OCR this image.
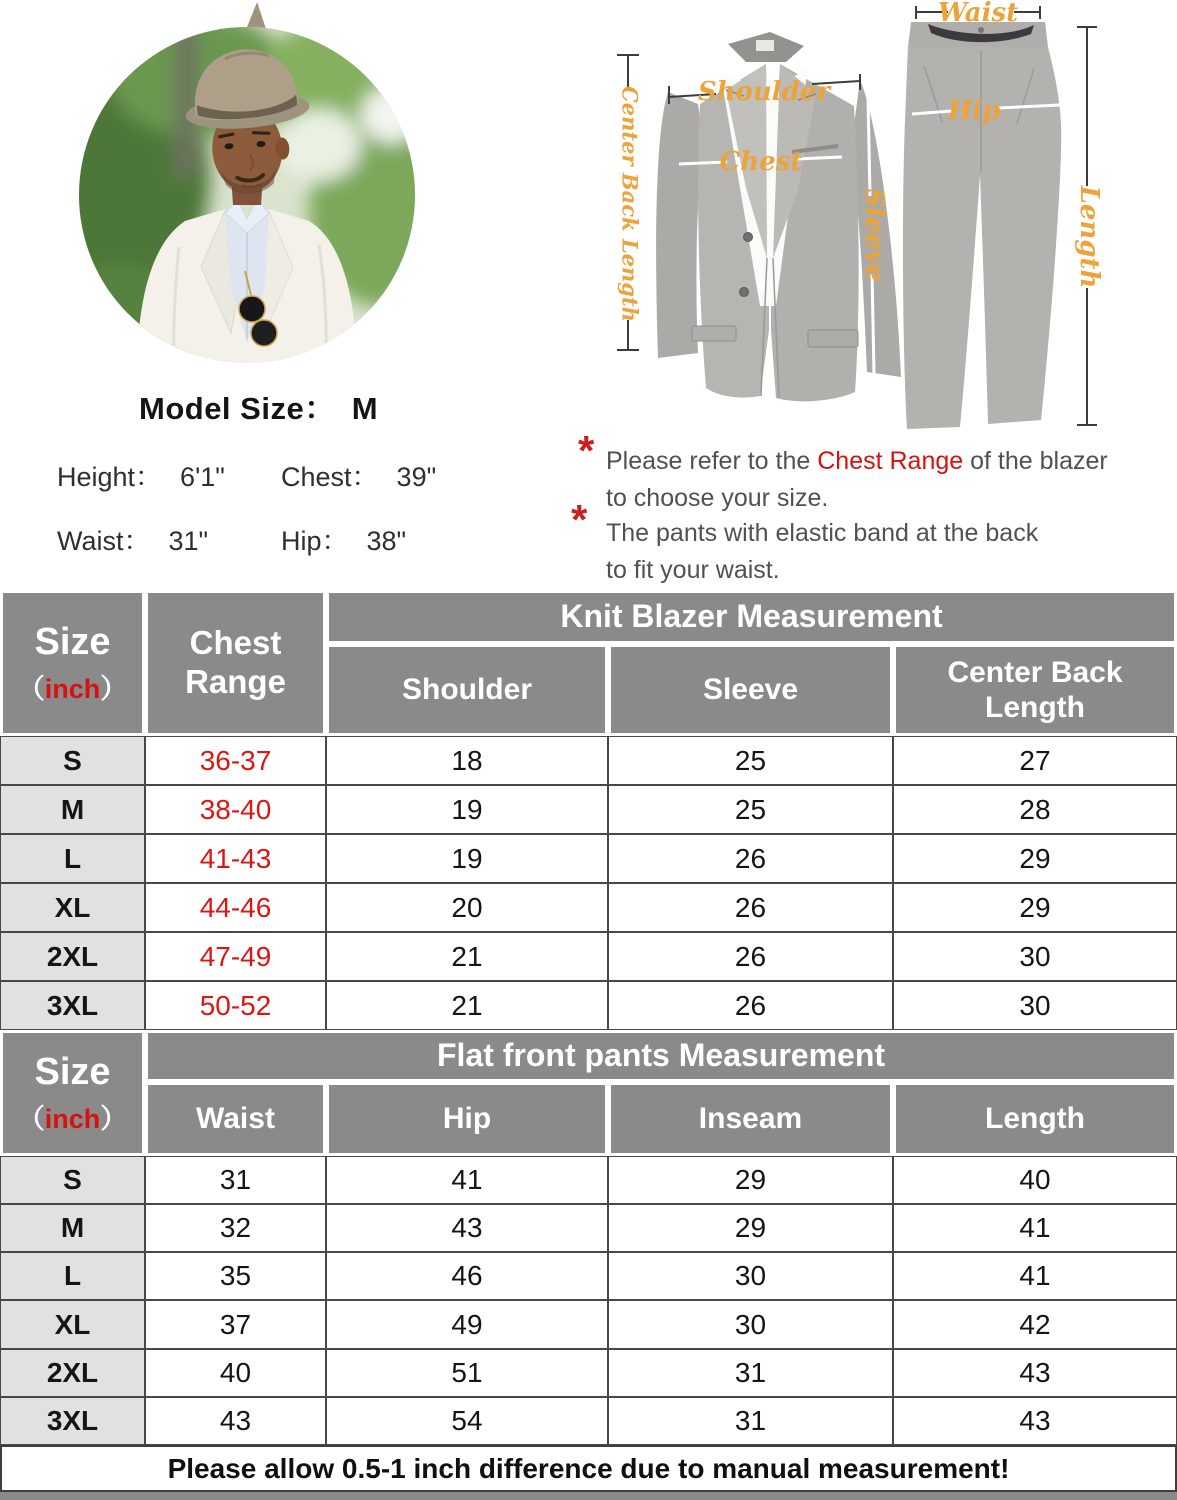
Model Size： M
Height： 6'1" Chest： 39"
Waist： 31"	Hip： 38"
Waist
Shoulder
Chest
Sleeve
Center Back Length	Hip
Length
* Please refer to the Chest Range of the blazer
to choose your size.
* The pants with elastic band at the back
to fit your waist.
Size
（inch）
Chest Range
Knit Blazer Measurement
Shoulder	Sleeve
Center Back Length
S	36-37	18	25	27
M	38-40	19	25	28
L	41-43	19	26	29
XL	44-46	20	26	29
2XL	47-49	21	26	30
3XL	50-52	21	26	30
Size
（inch）
Flat front pants Measurement
Waist	Hip	Inseam	Length
S	31	41	29	40
M	32	43	29	41
L	35	46	30	41
XL	37	49	30	42
2XL	40	51	31	43
3XL	43	54	31	43
Please allow 0.5-1 inch difference due to manual measurement!
